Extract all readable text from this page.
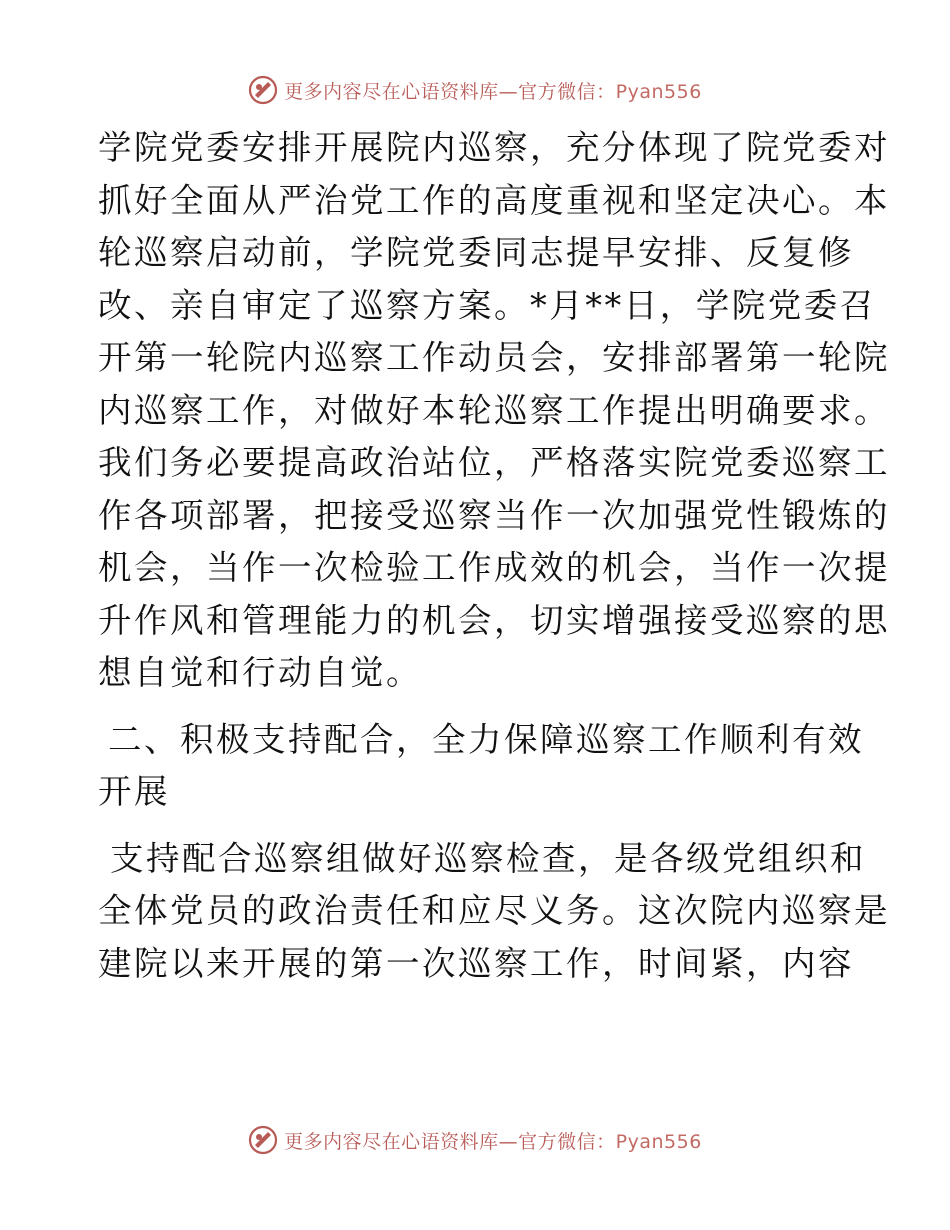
更多内容尽在心语资料库—官方微信：Pyan556
学院党委安排开展院内巡察，充分体现了院党委对
抓好全面从严治党工作的高度重视和坚定决心。本
轮巡察启动前，学院党委同志提早安排、反复修
改、亲自审定了巡察方案。*月**日，学院党委召
开第一轮院内巡察工作动员会，安排部署第一轮院
内巡察工作，对做好本轮巡察工作提出明确要求。
我们务必要提高政治站位，严格落实院党委巡察工
作各项部署，把接受巡察当作一次加强党性锻炼的
机会，当作一次检验工作成效的机会，当作一次提
升作风和管理能力的机会，切实增强接受巡察的思
想自觉和行动自觉。
二、积极支持配合，全力保障巡察工作顺利有效
开展
支持配合巡察组做好巡察检查，是各级党组织和
全体党员的政治责任和应尽义务。这次院内巡察是
建院以来开展的第一次巡察工作，时间紧，内容
更多内容尽在心语资料库—官方微信：Pyan556
